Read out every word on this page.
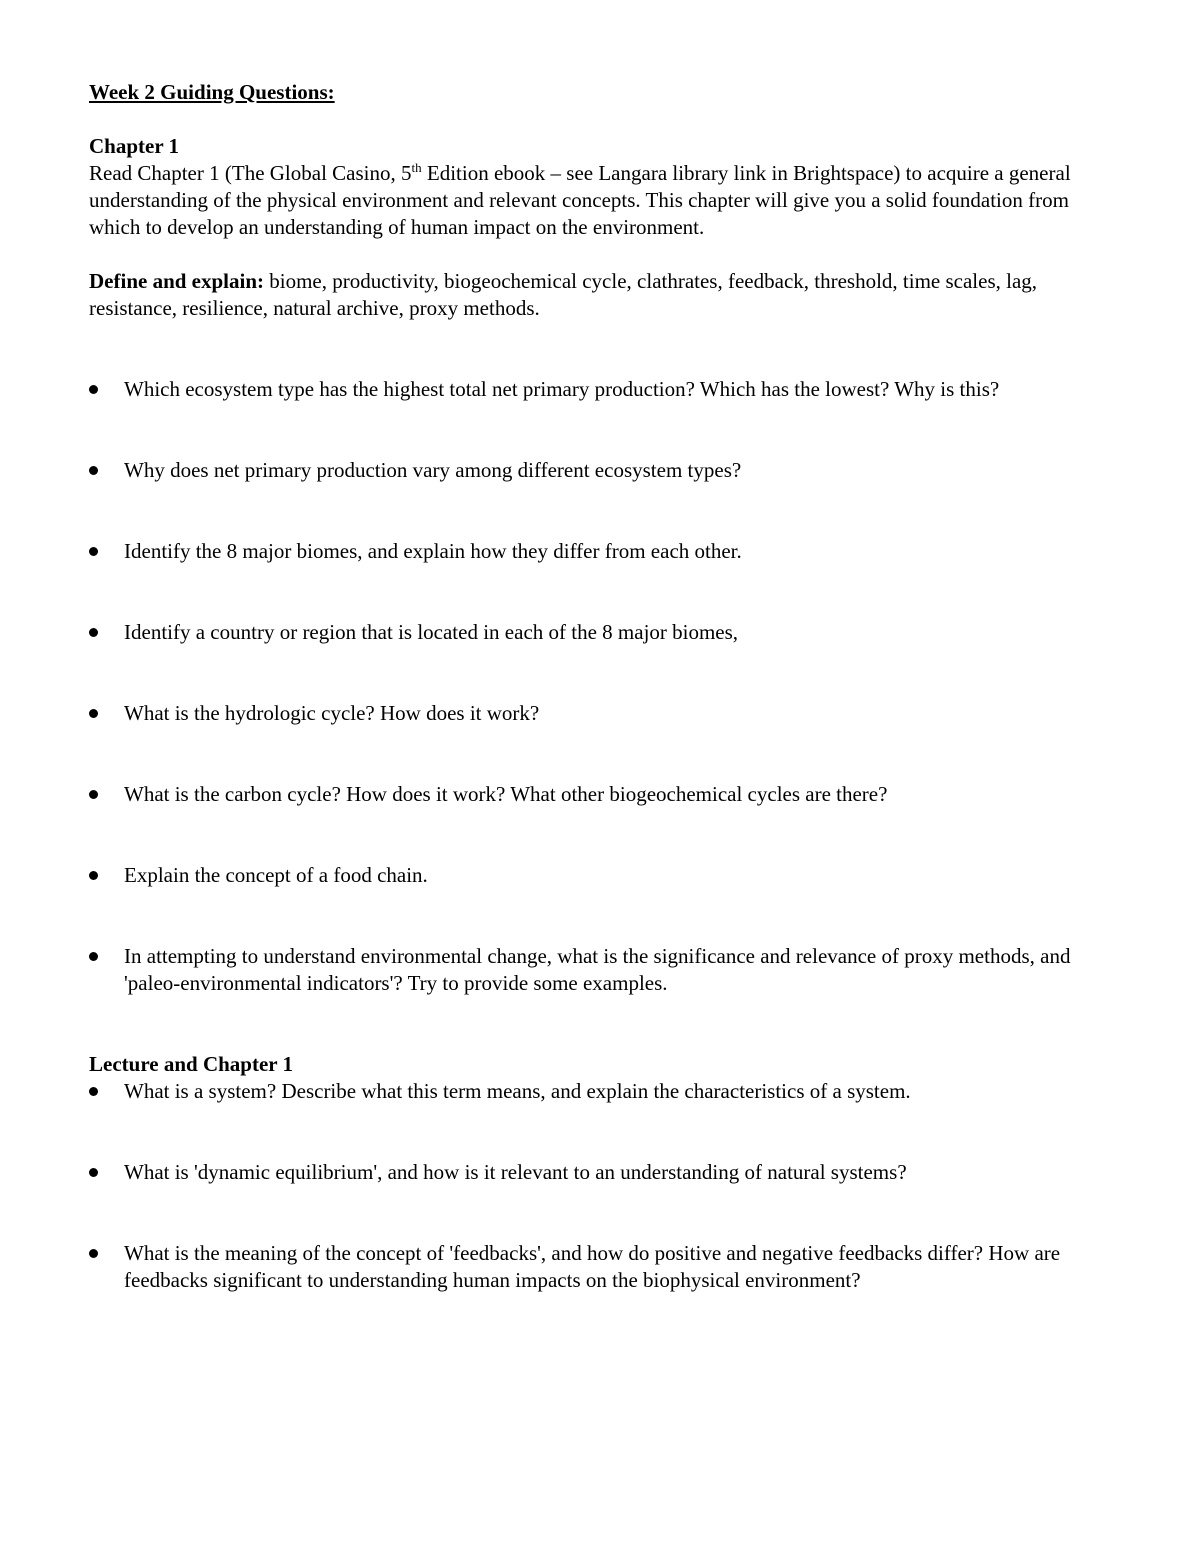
Week 2 Guiding Questions:

Chapter 1

Read Chapter 1 (The Global Casino, 5th Edition ebook – see Langara library link in Brightspace) to acquire a general understanding of the physical environment and relevant concepts. This chapter will give you a solid foundation from which to develop an understanding of human impact on the environment.

Define and explain: biome, productivity, biogeochemical cycle, clathrates, feedback, threshold, time scales, lag, resistance, resilience, natural archive, proxy methods.

Which ecosystem type has the highest total net primary production? Which has the lowest? Why is this?
Why does net primary production vary among different ecosystem types?
Identify the 8 major biomes, and explain how they differ from each other.
Identify a country or region that is located in each of the 8 major biomes,
What is the hydrologic cycle? How does it work?
What is the carbon cycle? How does it work? What other biogeochemical cycles are there?
Explain the concept of a food chain.
In attempting to understand environmental change, what is the significance and relevance of proxy methods, and 'paleo-environmental indicators'? Try to provide some examples.

Lecture and Chapter 1

What is a system? Describe what this term means, and explain the characteristics of a system.
What is 'dynamic equilibrium', and how is it relevant to an understanding of natural systems?
What is the meaning of the concept of 'feedbacks', and how do positive and negative feedbacks differ? How are feedbacks significant to understanding human impacts on the biophysical environment?
